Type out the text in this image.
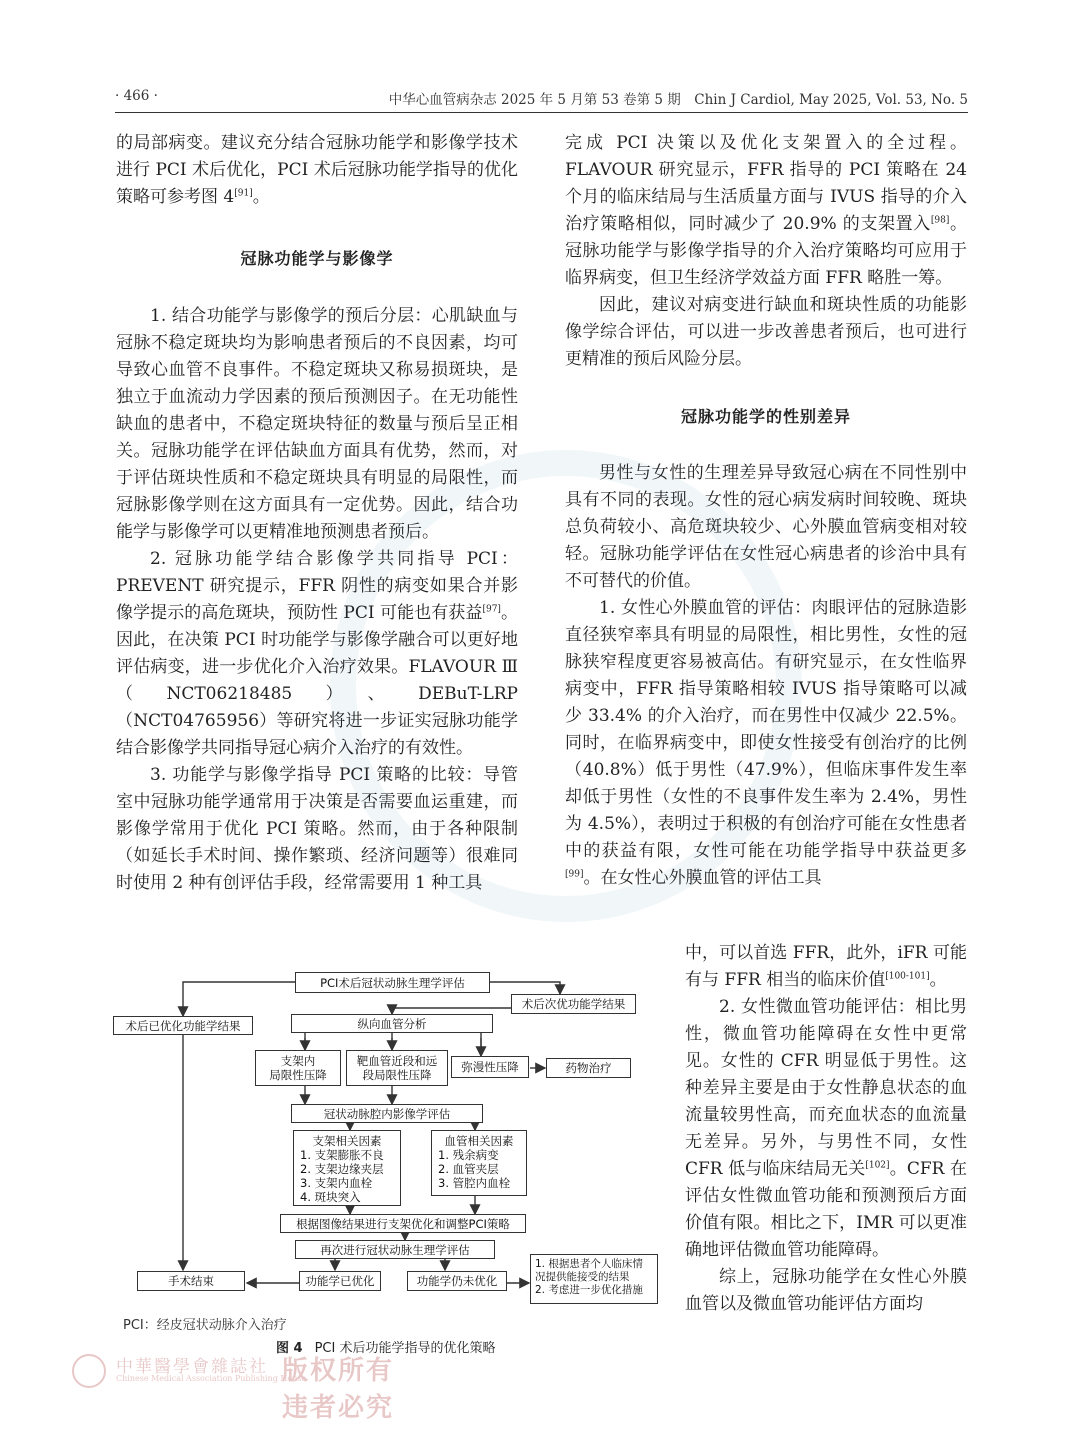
· 466 ·	中华心血管病杂志 2025 年 5 月第 53 卷第 5 期　Chin J Cardiol, May 2025, Vol. 53, No. 5

的局部病变。建议充分结合冠脉功能学和影像学技术进行 PCI 术后优化，PCI 术后冠脉功能学指导的优化策略可参考图 4[91]。

冠脉功能学与影像学

1. 结合功能学与影像学的预后分层：心肌缺血与冠脉不稳定斑块均为影响患者预后的不良因素，均可导致心血管不良事件。不稳定斑块又称易损斑块，是独立于血流动力学因素的预后预测因子。在无功能性缺血的患者中，不稳定斑块特征的数量与预后呈正相关。冠脉功能学在评估缺血方面具有优势，然而，对于评估斑块性质和不稳定斑块具有明显的局限性，而冠脉影像学则在这方面具有一定优势。因此，结合功能学与影像学可以更精准地预测患者预后。

2. 冠脉功能学结合影像学共同指导 PCI：PREVENT 研究提示，FFR 阴性的病变如果合并影像学提示的高危斑块，预防性 PCI 可能也有获益[97]。因此，在决策 PCI 时功能学与影像学融合可以更好地评估病变，进一步优化介入治疗效果。FLAVOUR Ⅲ（NCT06218485）、DEBuT-LRP（NCT04765956）等研究将进一步证实冠脉功能学结合影像学共同指导冠心病介入治疗的有效性。

3. 功能学与影像学指导 PCI 策略的比较：导管室中冠脉功能学通常用于决策是否需要血运重建，而影像学常用于优化 PCI 策略。然而，由于各种限制（如延长手术时间、操作繁琐、经济问题等）很难同时使用 2 种有创评估手段，经常需要用 1 种工具

完成 PCI 决策以及优化支架置入的全过程。FLAVOUR 研究显示，FFR 指导的 PCI 策略在 24 个月的临床结局与生活质量方面与 IVUS 指导的介入治疗策略相似，同时减少了 20.9% 的支架置入[98]。冠脉功能学与影像学指导的介入治疗策略均可应用于临界病变，但卫生经济学效益方面 FFR 略胜一筹。

因此，建议对病变进行缺血和斑块性质的功能影像学综合评估，可以进一步改善患者预后，也可进行更精准的预后风险分层。

冠脉功能学的性别差异

男性与女性的生理差异导致冠心病在不同性别中具有不同的表现。女性的冠心病发病时间较晚、斑块总负荷较小、高危斑块较少、心外膜血管病变相对较轻。冠脉功能学评估在女性冠心病患者的诊治中具有不可替代的价值。

1. 女性心外膜血管的评估：肉眼评估的冠脉造影直径狭窄率具有明显的局限性，相比男性，女性的冠脉狭窄程度更容易被高估。有研究显示，在女性临界病变中，FFR 指导策略相较 IVUS 指导策略可以减少 33.4% 的介入治疗，而在男性中仅减少 22.5%。同时，在临界病变中，即使女性接受有创治疗的比例（40.8%）低于男性（47.9%），但临床事件发生率却低于男性（女性的不良事件发生率为 2.4%，男性为 4.5%），表明过于积极的有创治疗可能在女性患者中的获益有限，女性可能在功能学指导中获益更多[99]。在女性心外膜血管的评估工具

中，可以首选 FFR，此外，iFR 可能有与 FFR 相当的临床价值[100-101]。

2. 女性微血管功能评估：相比男性，微血管功能障碍在女性中更常见。女性的 CFR 明显低于男性。这种差异主要是由于女性静息状态的血流量较男性高，而充血状态的血流量无差异。另外，与男性不同，女性 CFR 低与临床结局无关[102]。CFR 在评估女性微血管功能和预测预后方面价值有限。相比之下，IMR 可以更准确地评估微血管功能障碍。

综上，冠脉功能学在女性心外膜血管以及微血管功能评估方面均

PCI术后冠状动脉生理学评估
术后已优化功能学结果
术后次优功能学结果
纵向血管分析
支架内
局限性压降
靶血管近段和远
段局限性压降
弥漫性压降	药物治疗
冠状动脉腔内影像学评估
支架相关因素
1. 支架膨胀不良
2. 支架边缘夹层
3. 支架内血栓
4. 斑块突入
血管相关因素
1. 残余病变
2. 血管夹层
3. 管腔内血栓
根据图像结果进行支架优化和调整PCI策略
再次进行冠状动脉生理学评估
手术结束	功能学已优化	功能学仍未优化
1. 根据患者个人临床情
况提供能接受的结果
2. 考虑进一步优化措施
PCI：经皮冠状动脉介入治疗
图 4 PCI 术后功能学指导的优化策略
中華醫學會雜誌社
Chinese Medical Association Publishing House
版权所有 违者必究
